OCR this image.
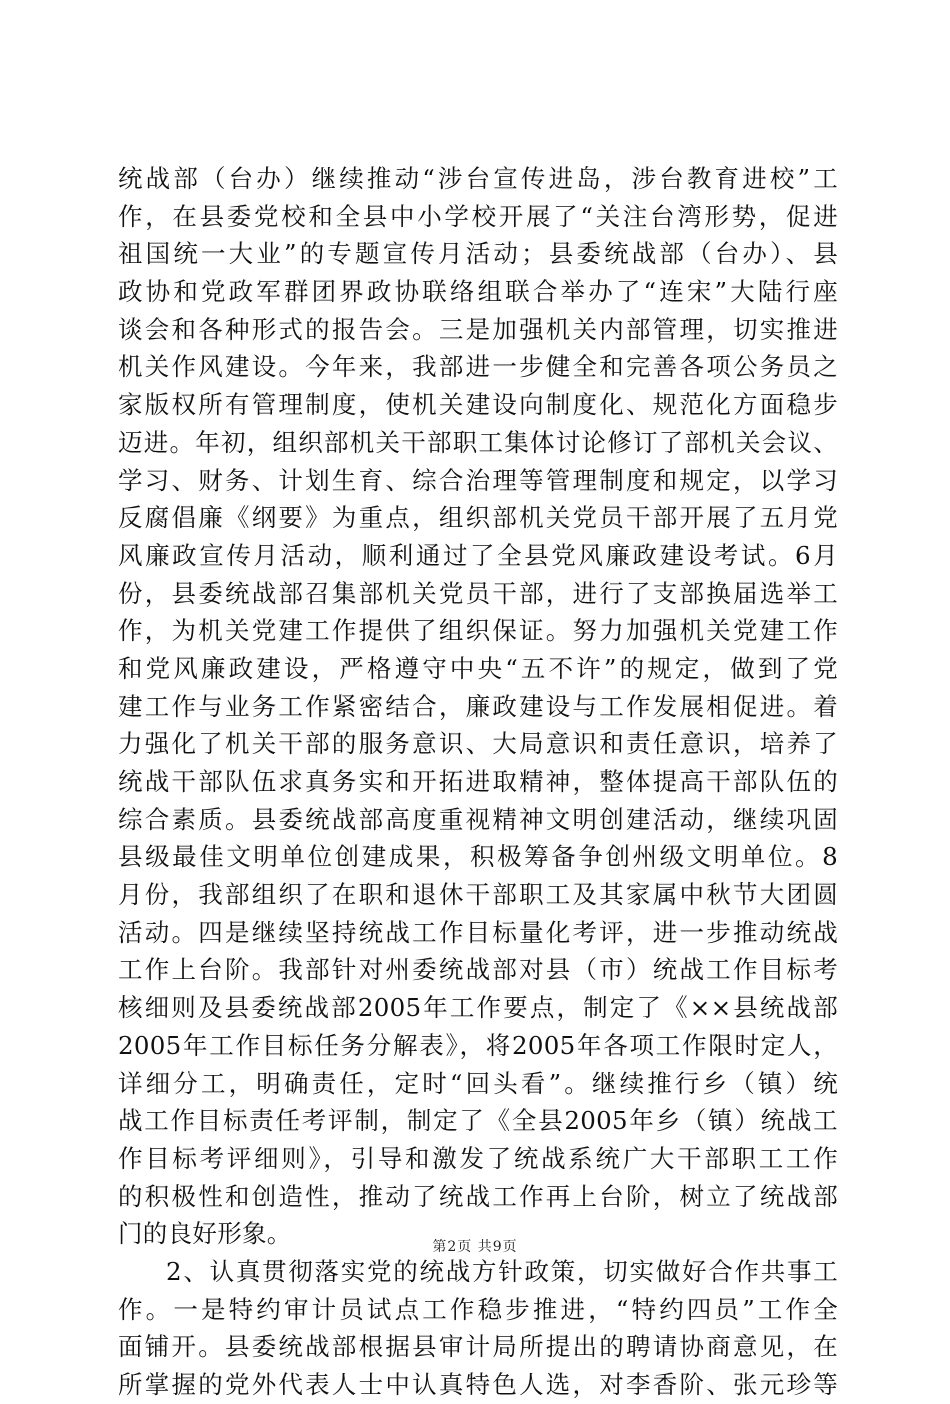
统战部（台办）继续推动“涉台宣传进岛，涉台教育进校”工
作，在县委党校和全县中小学校开展了“关注台湾形势，促进
祖国统一大业”的专题宣传月活动；县委统战部（台办）、县
政协和党政军群团界政协联络组联合举办了“连宋”大陆行座
谈会和各种形式的报告会。三是加强机关内部管理，切实推进
机关作风建设。今年来，我部进一步健全和完善各项公务员之
家版权所有管理制度，使机关建设向制度化、规范化方面稳步
迈进。年初，组织部机关干部职工集体讨论修订了部机关会议、
学习、财务、计划生育、综合治理等管理制度和规定，以学习
反腐倡廉《纲要》为重点，组织部机关党员干部开展了五月党
风廉政宣传月活动，顺利通过了全县党风廉政建设考试。6月
份，县委统战部召集部机关党员干部，进行了支部换届选举工
作，为机关党建工作提供了组织保证。努力加强机关党建工作
和党风廉政建设，严格遵守中央“五不许”的规定，做到了党
建工作与业务工作紧密结合，廉政建设与工作发展相促进。着
力强化了机关干部的服务意识、大局意识和责任意识，培养了
统战干部队伍求真务实和开拓进取精神，整体提高干部队伍的
综合素质。县委统战部高度重视精神文明创建活动，继续巩固
县级最佳文明单位创建成果，积极筹备争创州级文明单位。8
月份，我部组织了在职和退休干部职工及其家属中秋节大团圆
活动。四是继续坚持统战工作目标量化考评，进一步推动统战
工作上台阶。我部针对州委统战部对县（市）统战工作目标考
核细则及县委统战部2005年工作要点，制定了《××县统战部
2005年工作目标任务分解表》，将2005年各项工作限时定人，
详细分工，明确责任，定时“回头看”。继续推行乡（镇）统
战工作目标责任考评制，制定了《全县2005年乡（镇）统战工
作目标考评细则》，引导和激发了统战系统广大干部职工工作
的积极性和创造性，推动了统战工作再上台阶，树立了统战部
门的良好形象。
2、认真贯彻落实党的统战方针政策，切实做好合作共事工
作。一是特约审计员试点工作稳步推进，“特约四员”工作全
面铺开。县委统战部根据县审计局所提出的聘请协商意见，在
所掌握的党外代表人士中认真特色人选，对李香阶、张元珍等
第2页 共9页
